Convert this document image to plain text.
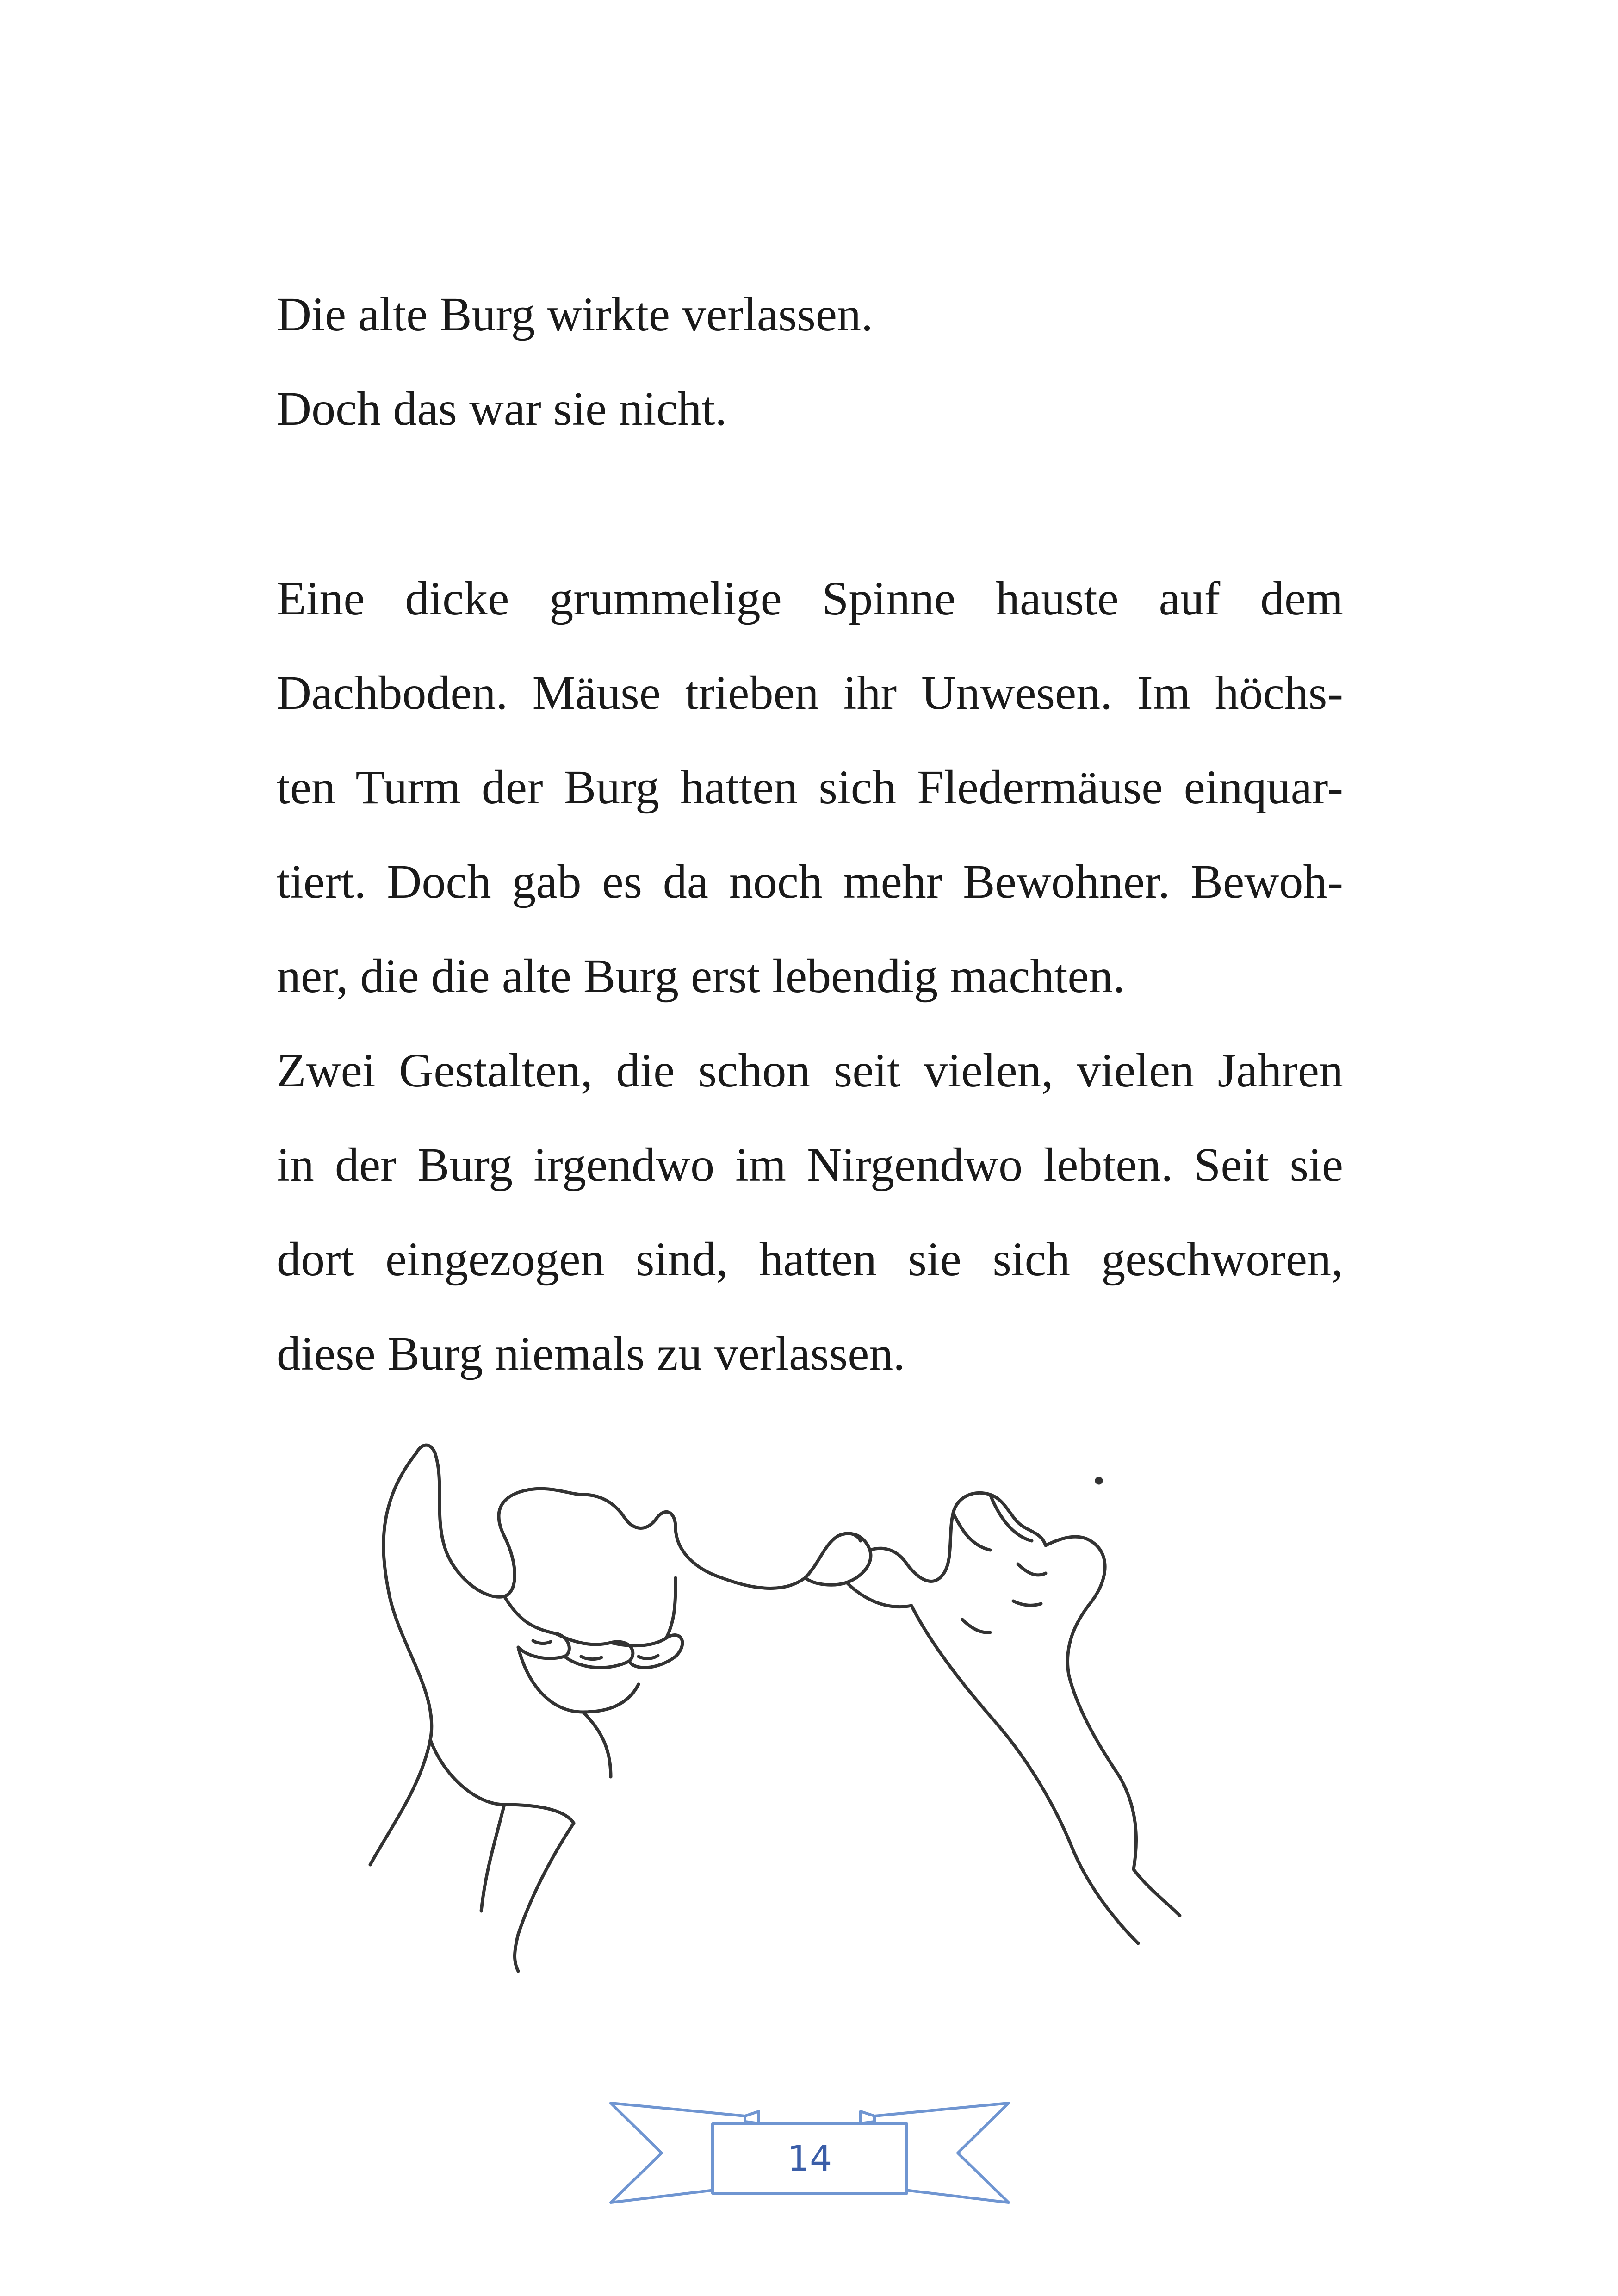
Die alte Burg wirkte verlassen.
Doch das war sie nicht.
Eine dicke grummelige Spinne hauste auf dem
Dachboden. Mäuse trieben ihr Unwesen. Im höchs-
ten Turm der Burg hatten sich Fledermäuse einquar-
tiert. Doch gab es da noch mehr Bewohner. Bewoh-
ner, die die alte Burg erst lebendig machten.
Zwei Gestalten, die schon seit vielen, vielen Jahren
in der Burg irgendwo im Nirgendwo lebten. Seit sie
dort eingezogen sind, hatten sie sich geschworen,
diese Burg niemals zu verlassen.
14
